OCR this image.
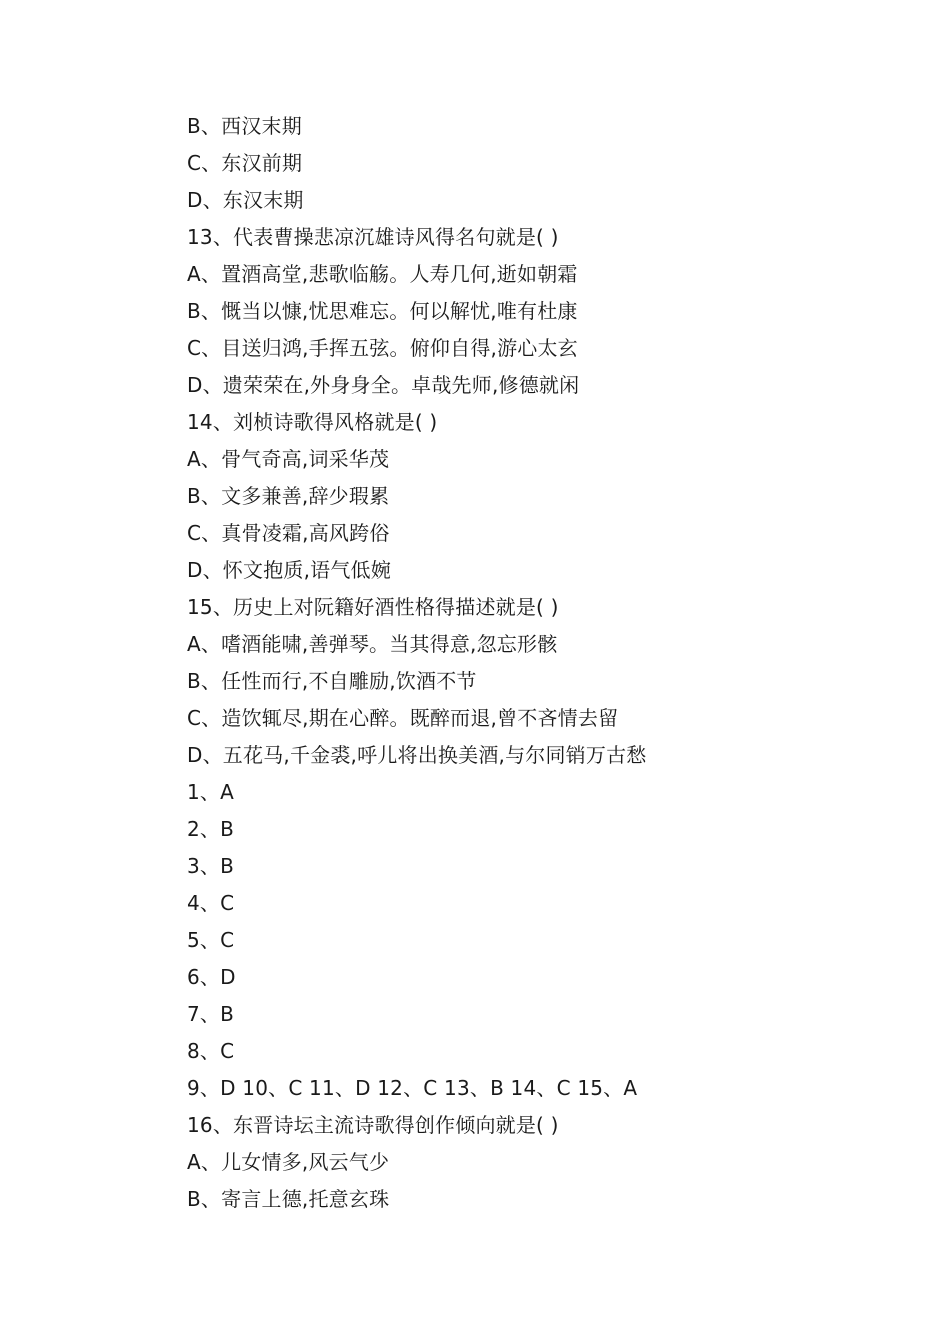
B、西汉末期
C、东汉前期
D、东汉末期
13、代表曹操悲凉沉雄诗风得名句就是( )
A、置酒高堂,悲歌临觞。人寿几何,逝如朝霜
B、慨当以慷,忧思难忘。何以解忧,唯有杜康
C、目送归鸿,手挥五弦。俯仰自得,游心太玄
D、遗荣荣在,外身身全。卓哉先师,修德就闲
14、刘桢诗歌得风格就是( )
A、骨气奇高,词采华茂
B、文多兼善,辞少瑕累
C、真骨凌霜,高风跨俗
D、怀文抱质,语气低婉
15、历史上对阮籍好酒性格得描述就是( )
A、嗜酒能啸,善弹琴。当其得意,忽忘形骸
B、任性而行,不自雕励,饮酒不节
C、造饮辄尽,期在心醉。既醉而退,曾不吝情去留
D、五花马,千金裘,呼儿将出换美酒,与尔同销万古愁
1、A
2、B
3、B
4、C
5、C
6、D
7、B
8、C
9、D 10、C 11、D 12、C 13、B 14、C 15、A
16、东晋诗坛主流诗歌得创作倾向就是( )
A、儿女情多,风云气少
B、寄言上德,托意玄珠
